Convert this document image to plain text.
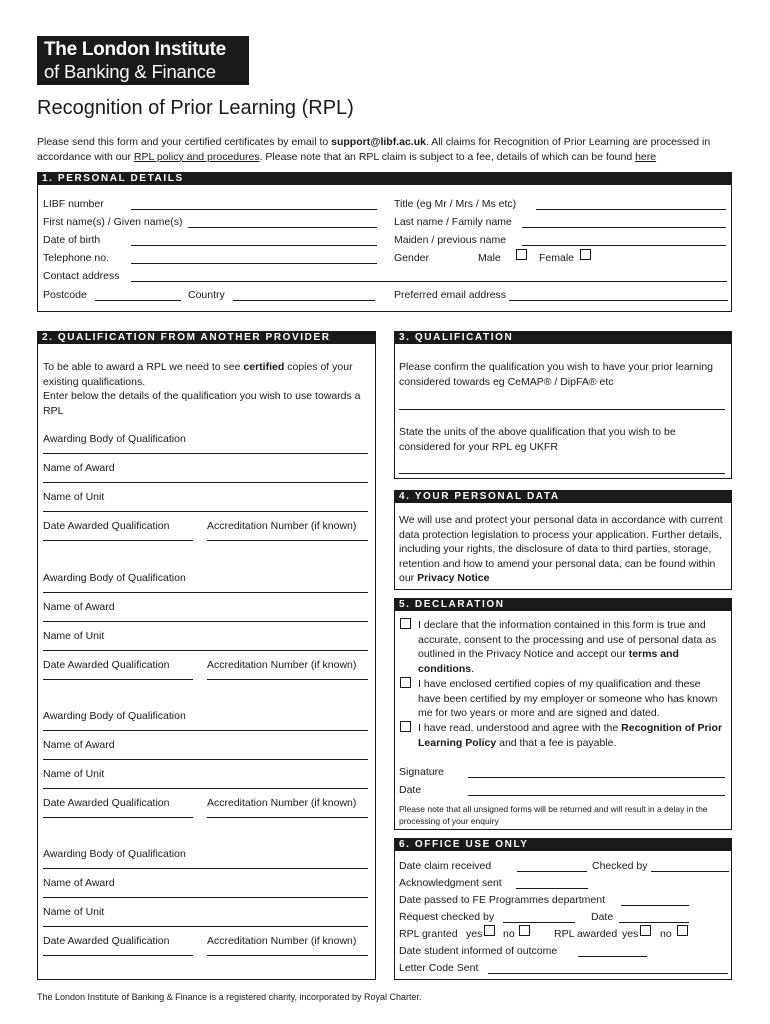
The London Institute
of Banking & Finance
Recognition of Prior Learning (RPL)
Please send this form and your certified certificates by email to support@libf.ac.uk. All claims for Recognition of Prior Learning are processed in accordance with our RPL policy and procedures. Please note that an RPL claim is subject to a fee, details of which can be found here
1. PERSONAL DETAILS
LIBF number
First name(s) / Given name(s)
Date of birth
Telephone no.
Contact address
Postcode	Country
Title (eg Mr / Mrs / Ms etc)
Last name / Family name
Maiden / previous name
Gender	Male	Female
Preferred email address
2. QUALIFICATION FROM ANOTHER PROVIDER
To be able to award a RPL we need to see certified copies of your existing qualifications.
Enter below the details of the qualification you wish to use towards a RPL
Awarding Body of Qualification
Name of Award
Name of Unit
Date Awarded Qualification	Accreditation Number (if known)
Awarding Body of Qualification
Name of Award
Name of Unit
Date Awarded Qualification	Accreditation Number (if known)
Awarding Body of Qualification
Name of Award
Name of Unit
Date Awarded Qualification	Accreditation Number (if known)
Awarding Body of Qualification
Name of Award
Name of Unit
Date Awarded Qualification	Accreditation Number (if known)
3. QUALIFICATION
Please confirm the qualification you wish to have your prior learning considered towards eg CeMAP® / DipFA® etc
State the units of the above qualification that you wish to be considered for your RPL eg UKFR
4. YOUR PERSONAL DATA
We will use and protect your personal data in accordance with current data protection legislation to process your application. Further details, including your rights, the disclosure of data to third parties, storage, retention and how to amend your personal data, can be found within our Privacy Notice
5. DECLARATION
I declare that the information contained in this form is true and accurate, consent to the processing and use of personal data as outlined in the Privacy Notice and accept our terms and conditions.
I have enclosed certified copies of my qualification and these have been certified by my employer or someone who has known me for two years or more and are signed and dated.
I have read, understood and agree with the Recognition of Prior Learning Policy and that a fee is payable.
Signature
Date
Please note that all unsigned forms will be returned and will result in a delay in the processing of your enquiry
6. OFFICE USE ONLY
Date claim received	Checked by
Acknowledgment sent
Date passed to FE Programmes department
Request checked by	Date
RPL granted yes no	RPL awarded yes no
Date student informed of outcome
Letter Code Sent
The London Institute of Banking & Finance is a registered charity, incorporated by Royal Charter.
